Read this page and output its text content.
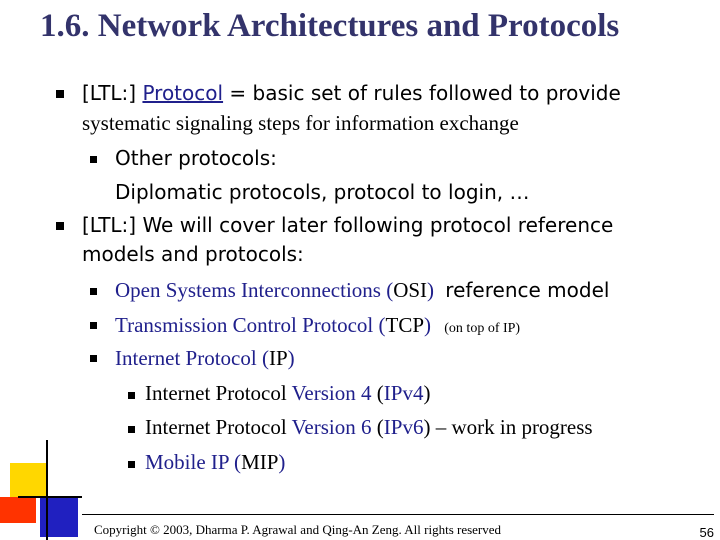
1.6. Network Architectures and Protocols
[LTL:] Protocol = basic set of rules followed to provide
systematic signaling steps for information exchange
Other protocols:
Diplomatic protocols, protocol to login, …
[LTL:] We will cover later following protocol reference
models and protocols:
Open Systems Interconnections (OSI) reference model
Transmission Control Protocol (TCP) (on top of IP)
Internet Protocol (IP)
Internet Protocol Version 4 (IPv4)
Internet Protocol Version 6 (IPv6) – work in progress
Mobile IP (MIP)
Copyright © 2003, Dharma P. Agrawal and Qing-An Zeng. All rights reserved	56
